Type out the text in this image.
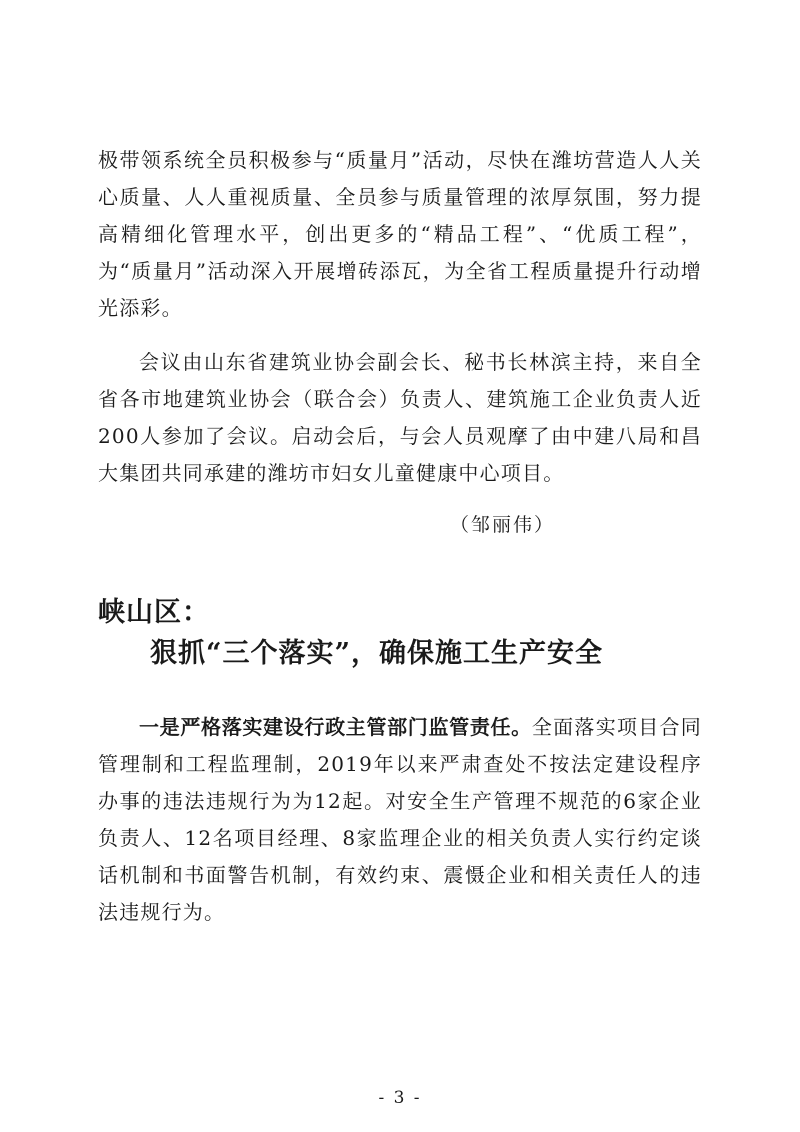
极带领系统全员积极参与“质量月”活动，尽快在潍坊营造人人关心质量、人人重视质量、全员参与质量管理的浓厚氛围，努力提高精细化管理水平，创出更多的“精品工程”、“优质工程”，为“质量月”活动深入开展增砖添瓦，为全省工程质量提升行动增光添彩。

会议由山东省建筑业协会副会长、秘书长林滨主持，来自全省各市地建筑业协会（联合会）负责人、建筑施工企业负责人近200人参加了会议。启动会后，与会人员观摩了由中建八局和昌大集团共同承建的潍坊市妇女儿童健康中心项目。

（邹丽伟）

峡山区：
狠抓“三个落实”，确保施工生产安全

一是严格落实建设行政主管部门监管责任。全面落实项目合同管理制和工程监理制，2019年以来严肃查处不按法定建设程序办事的违法违规行为为12起。对安全生产管理不规范的6家企业负责人、12名项目经理、8家监理企业的相关负责人实行约定谈话机制和书面警告机制，有效约束、震慑企业和相关责任人的违法违规行为。

- 3 -
